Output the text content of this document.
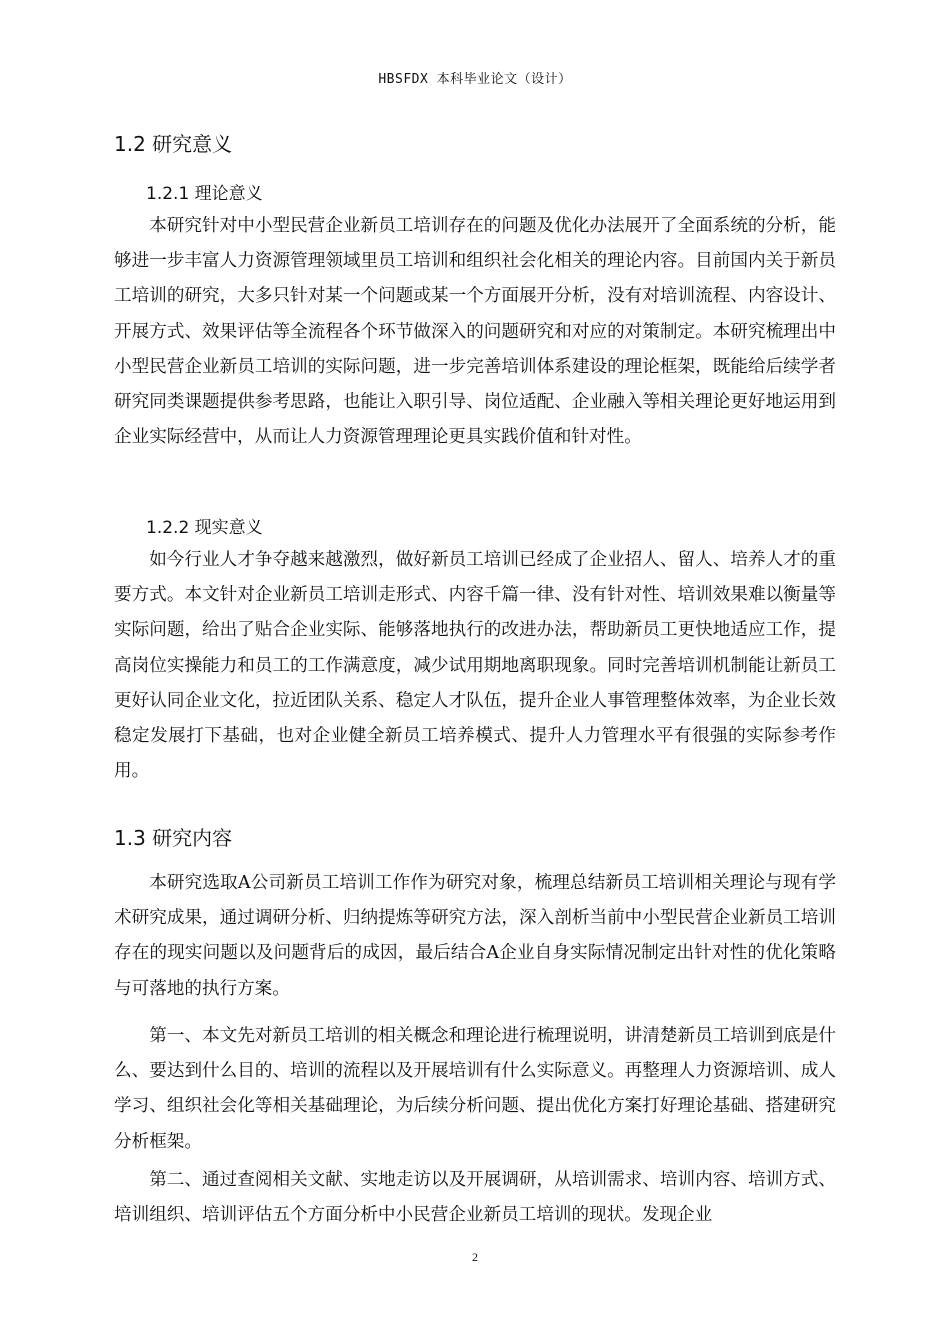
HBSFDX 本科毕业论文（设计）
1.2 研究意义
1.2.1 理论意义

本研究针对中小型民营企业新员工培训存在的问题及优化办法展开了全面系统的分析，能够进一步丰富人力资源管理领域里员工培训和组织社会化相关的理论内容。目前国内关于新员工培训的研究，大多只针对某一个问题或某一个方面展开分析，没有对培训流程、内容设计、开展方式、效果评估等全流程各个环节做深入的问题研究和对应的对策制定。本研究梳理出中小型民营企业新员工培训的实际问题，进一步完善培训体系建设的理论框架，既能给后续学者研究同类课题提供参考思路，也能让入职引导、岗位适配、企业融入等相关理论更好地运用到企业实际经营中，从而让人力资源管理理论更具实践价值和针对性。

1.2.2 现实意义

如今行业人才争夺越来越激烈，做好新员工培训已经成了企业招人、留人、培养人才的重要方式。本文针对企业新员工培训走形式、内容千篇一律、没有针对性、培训效果难以衡量等实际问题，给出了贴合企业实际、能够落地执行的改进办法，帮助新员工更快地适应工作，提高岗位实操能力和员工的工作满意度，减少试用期地离职现象。同时完善培训机制能让新员工更好认同企业文化，拉近团队关系、稳定人才队伍，提升企业人事管理整体效率，为企业长效稳定发展打下基础，也对企业健全新员工培养模式、提升人力管理水平有很强的实际参考作用。

1.3 研究内容

本研究选取A公司新员工培训工作作为研究对象，梳理总结新员工培训相关理论与现有学术研究成果，通过调研分析、归纳提炼等研究方法，深入剖析当前中小型民营企业新员工培训存在的现实问题以及问题背后的成因，最后结合A企业自身实际情况制定出针对性的优化策略与可落地的执行方案。

第一、本文先对新员工培训的相关概念和理论进行梳理说明，讲清楚新员工培训到底是什么、要达到什么目的、培训的流程以及开展培训有什么实际意义。再整理人力资源培训、成人学习、组织社会化等相关基础理论，为后续分析问题、提出优化方案打好理论基础、搭建研究分析框架。

第二、通过查阅相关文献、实地走访以及开展调研，从培训需求、培训内容、培训方式、培训组织、培训评估五个方面分析中小民营企业新员工培训的现状。发现企业

2
